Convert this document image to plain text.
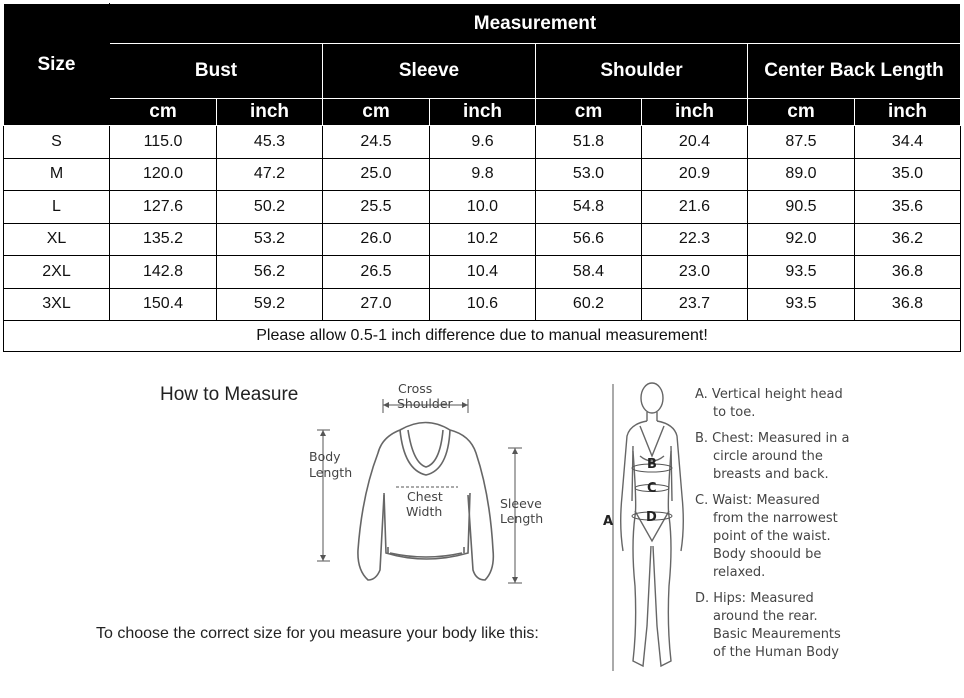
Size	Measurement							
	Bust		Sleeve		Shoulder		Center Back Length	
	cm	inch	cm	inch	cm	inch	cm	inch
S	115.0	45.3	24.5	9.6	51.8	20.4	87.5	34.4
M	120.0	47.2	25.0	9.8	53.0	20.9	89.0	35.0
L	127.6	50.2	25.5	10.0	54.8	21.6	90.5	35.6
XL	135.2	53.2	26.0	10.2	56.6	22.3	92.0	36.2
2XL	142.8	56.2	26.5	10.4	58.4	23.0	93.5	36.8
3XL	150.4	59.2	27.0	10.6	60.2	23.7	93.5	36.8
Please allow 0.5-1 inch difference due to manual measurement!								
How to Measure	Cross
Shoulder
Body
Length
Chest
Width
Sleeve
Length
To choose the correct size for you measure your body like this:
A
B
C
D
A. Vertical height head
to toe.
B. Chest: Measured in a
circle around the
breasts and back.
C. Waist: Measured
from the narrowest
point of the waist.
Body shoould be
relaxed.
D. Hips: Measured
around the rear.
Basic Meaurements
of the Human Body
